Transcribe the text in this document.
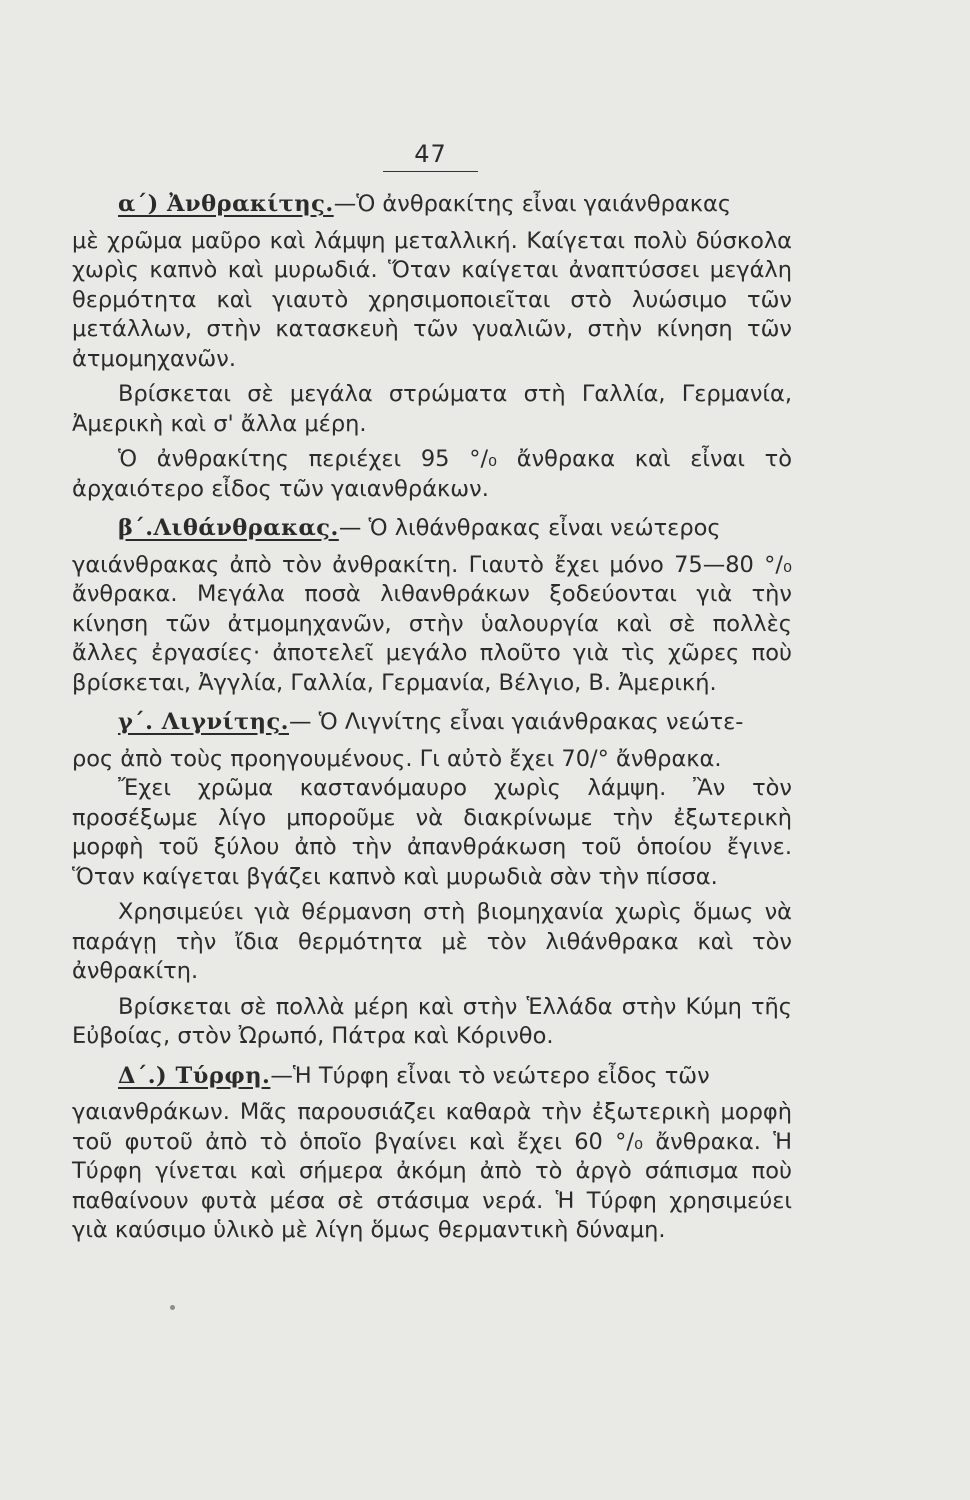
47

α΄) Ἀνθρακίτης.—Ὁ ἀνθρακίτης εἶναι γαιάνθρακας

μὲ χρῶμα μαῦρο καὶ λάμψη μεταλλική. Καίγεται πολὺ δύσκολα χωρὶς καπνὸ καὶ μυρωδιά. Ὅταν καίγεται ἀναπτύσσει μεγάλη θερμότητα καὶ γιαυτὸ χρησιμοποιεῖται στὸ λυώσιμο τῶν μετάλλων, στὴν κατασκευὴ τῶν γυαλιῶν, στὴν κίνηση τῶν ἀτμομηχανῶν.

Βρίσκεται σὲ μεγάλα στρώματα στὴ Γαλλία, Γερμανία, Ἀμερικὴ καὶ σ' ἄλλα μέρη.

Ὁ ἀνθρακίτης περιέχει 95 °/₀ ἄνθρακα καὶ εἶναι τὸ ἀρχαιότερο εἶδος τῶν γαιανθράκων.

β΄.Λιθάνθρακας.— Ὁ λιθάνθρακας εἶναι νεώτερος

γαιάνθρακας ἀπὸ τὸν ἀνθρακίτη. Γιαυτὸ ἔχει μόνο 75—80 °/₀ ἄνθρακα. Μεγάλα ποσὰ λιθανθράκων ξοδεύονται γιὰ τὴν κίνηση τῶν ἀτμομηχανῶν, στὴν ὑαλουργία καὶ σὲ πολλὲς ἄλλες ἐργασίες· ἀποτελεῖ μεγάλο πλοῦτο γιὰ τὶς χῶρες ποὺ βρίσκεται, Ἀγγλία, Γαλλία, Γερμανία, Βέλγιο, Β. Ἀμερική.

γ΄. Λιγνίτης.— Ὁ Λιγνίτης εἶναι γαιάνθρακας νεώτε-

ρος ἀπὸ τοὺς προηγουμένους. Γι αὐτὸ ἔχει 70/° ἄνθρακα.

Ἔχει χρῶμα καστανόμαυρο χωρὶς λάμψη. Ἂν τὸν προσέξωμε λίγο μποροῦμε νὰ διακρίνωμε τὴν ἐξωτερικὴ μορφὴ τοῦ ξύλου ἀπὸ τὴν ἀπανθράκωση τοῦ ὁποίου ἔγινε. Ὅταν καίγεται βγάζει καπνὸ καὶ μυρωδιὰ σὰν τὴν πίσσα.

Χρησιμεύει γιὰ θέρμανση στὴ βιομηχανία χωρὶς ὅμως νὰ παράγῃ τὴν ἴδια θερμότητα μὲ τὸν λιθάνθρακα καὶ τὸν ἀνθρακίτη.

Βρίσκεται σὲ πολλὰ μέρη καὶ στὴν Ἑλλάδα στὴν Κύμη τῆς Εὐβοίας, στὸν Ὠρωπό, Πάτρα καὶ Κόρινθο.

Δ΄.) Τύρφη.—Ἡ Τύρφη εἶναι τὸ νεώτερο εἶδος τῶν

γαιανθράκων. Μᾶς παρουσιάζει καθαρὰ τὴν ἐξωτερικὴ μορφὴ τοῦ φυτοῦ ἀπὸ τὸ ὁποῖο βγαίνει καὶ ἔχει 60 °/₀ ἄνθρακα. Ἡ Τύρφη γίνεται καὶ σήμερα ἀκόμη ἀπὸ τὸ ἀργὸ σάπισμα ποὺ παθαίνουν φυτὰ μέσα σὲ στάσιμα νερά. Ἡ Τύρφη χρησιμεύει γιὰ καύσιμο ὑλικὸ μὲ λίγη ὅμως θερμαντικὴ δύναμη.
